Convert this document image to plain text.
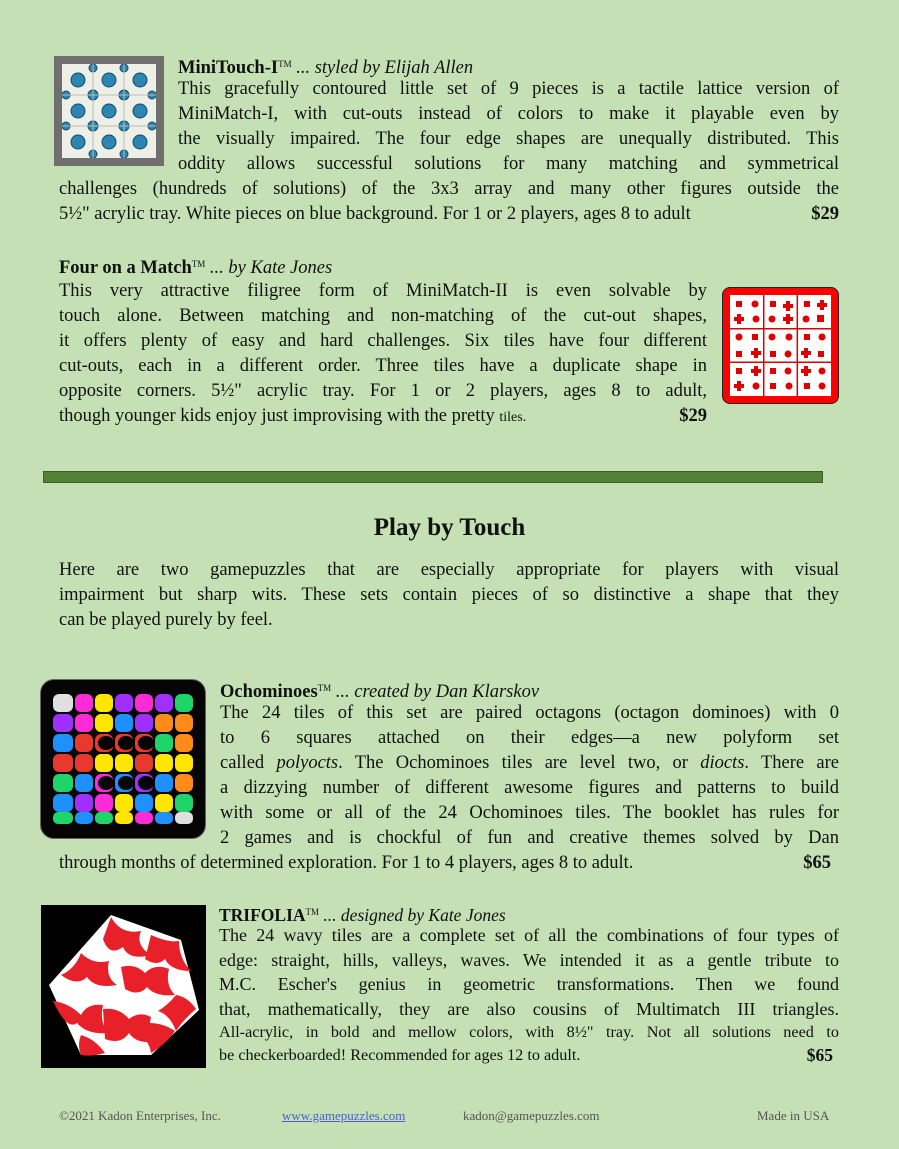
MiniTouch-I™ ... styled by Elijah Allen
This gracefully contoured little set of 9 pieces is a tactile lattice version of
MiniMatch-I, with cut-outs instead of colors to make it playable even by
the visually impaired. The four edge shapes are unequally distributed. This
oddity allows successful solutions for many matching and symmetrical
challenges (hundreds of solutions) of the 3x3 array and many other figures outside the
5½" acrylic tray. White pieces on blue background. For 1 or 2 players, ages 8 to adult	$29
Four on a Match™ ... by Kate Jones
This very attractive filigree form of MiniMatch-II is even solvable by
touch alone. Between matching and non-matching of the cut-out shapes,
it offers plenty of easy and hard challenges. Six tiles have four different
cut-outs, each in a different order. Three tiles have a duplicate shape in
opposite corners. 5½" acrylic tray. For 1 or 2 players, ages 8 to adult,
though younger kids enjoy just improvising with the pretty tiles.	$29
Play by Touch
Here are two gamepuzzles that are especially appropriate for players with visual
impairment but sharp wits. These sets contain pieces of so distinctive a shape that they
can be played purely by feel.
Ochominoes™ ... created by Dan Klarskov
The 24 tiles of this set are paired octagons (octagon dominoes) with 0
to 6 squares attached on their edges—a new polyform set
called polyocts. The Ochominoes tiles are level two, or diocts. There are
a dizzying number of different awesome figures and patterns to build
with some or all of the 24 Ochominoes tiles. The booklet has rules for
2 games and is chockful of fun and creative themes solved by Dan
through months of determined exploration. For 1 to 4 players, ages 8 to adult.	$65
TRIFOLIA™ ... designed by Kate Jones
The 24 wavy tiles are a complete set of all the combinations of four types of
edge: straight, hills, valleys, waves. We intended it as a gentle tribute to
M.C. Escher's genius in geometric transformations. Then we found
that, mathematically, they are also cousins of Multimatch III triangles.
All-acrylic, in bold and mellow colors, with 8½" tray. Not all solutions need to
be checkerboarded! Recommended for ages 12 to adult.	$65
©2021 Kadon Enterprises, Inc.	www.gamepuzzles.com	kadon@gamepuzzles.com	Made in USA
